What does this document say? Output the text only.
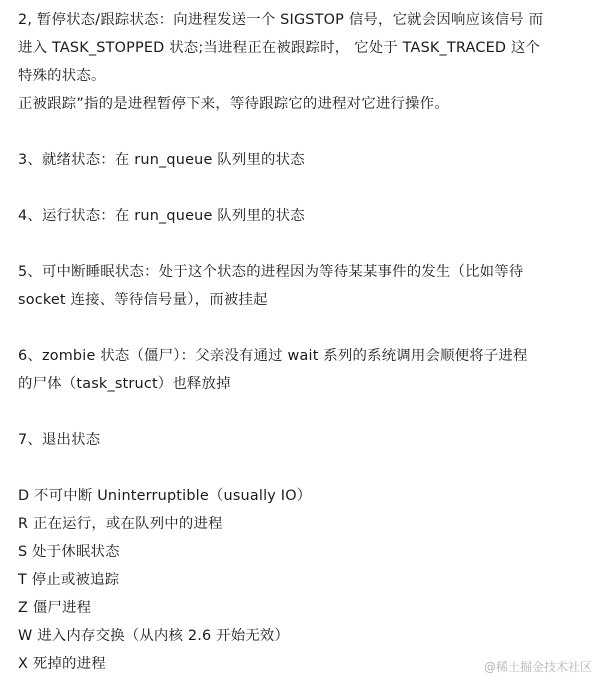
2, 暂停状态/跟踪状态：向进程发送一个 SIGSTOP 信号，它就会因响应该信号 而
进入 TASK_STOPPED 状态;当进程正在被跟踪时， 它处于 TASK_TRACED 这个
特殊的状态。
正被跟踪”指的是进程暂停下来，等待跟踪它的进程对它进行操作。
3、就绪状态：在 run_queue 队列里的状态
4、运行状态：在 run_queue 队列里的状态
5、可中断睡眠状态：处于这个状态的进程因为等待某某事件的发生（比如等待
socket 连接、等待信号量），而被挂起
6、zombie 状态（僵尸）：父亲没有通过 wait 系列的系统调用会顺便将子进程
的尸体（task_struct）也释放掉
7、退出状态
D 不可中断 Uninterruptible（usually IO）
R 正在运行，或在队列中的进程
S 处于休眠状态
T 停止或被追踪
Z 僵尸进程
W 进入内存交换（从内核 2.6 开始无效）
X 死掉的进程	@稀土掘金技术社区
